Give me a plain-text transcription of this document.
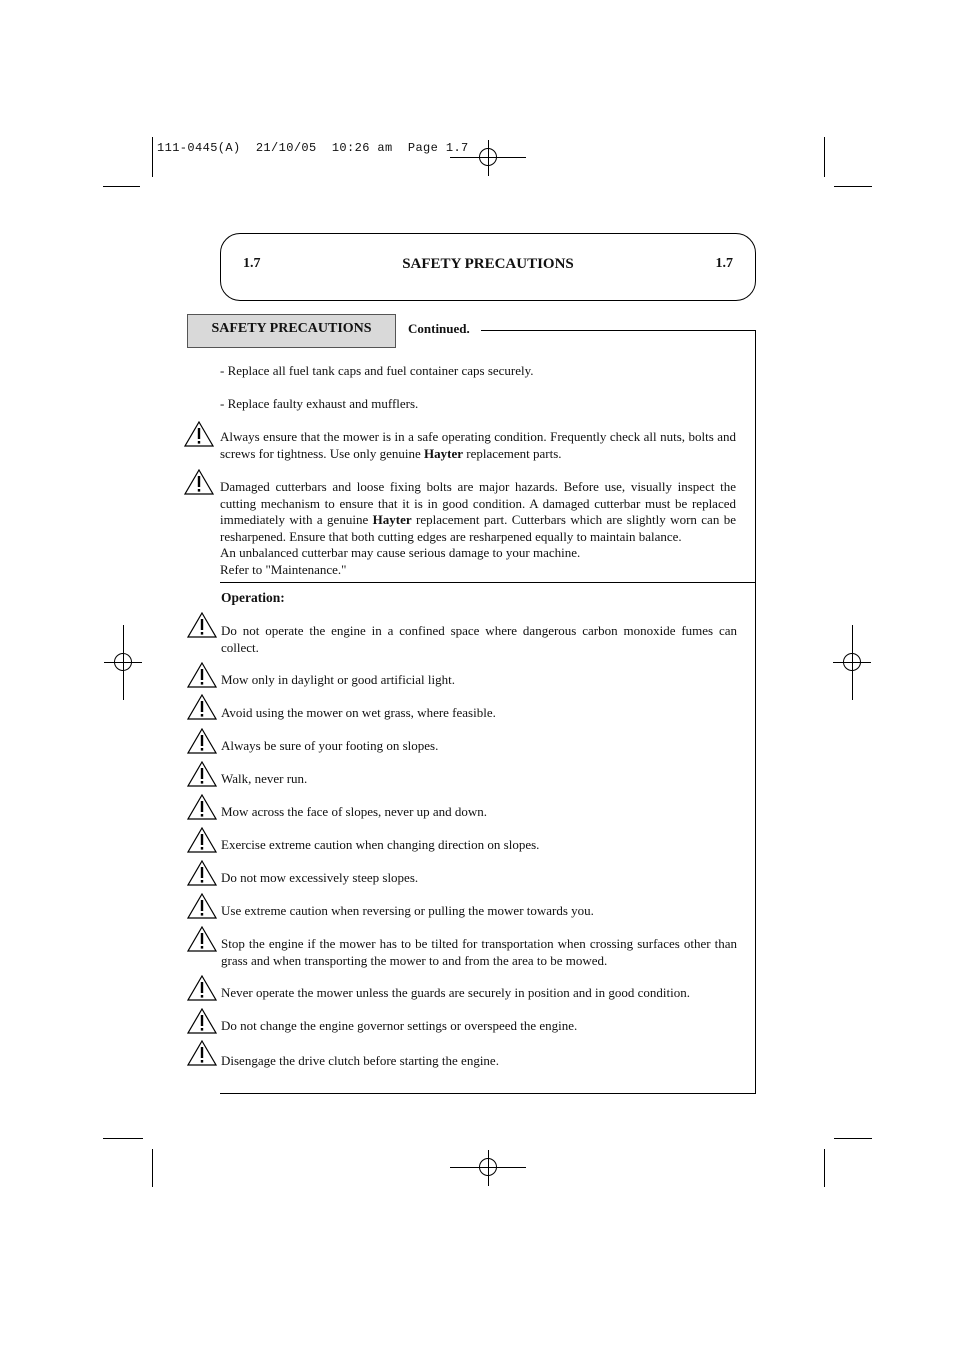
111-0445(A)  21/10/05  10:26 am  Page 1.7
1.7	SAFETY PRECAUTIONS	1.7
SAFETY PRECAUTIONS	Continued.

- Replace all fuel tank caps and fuel container caps securely.

- Replace faulty exhaust and mufflers.

Always ensure that the mower is in a safe operating condition. Frequently check all nuts, bolts and screws for tightness. Use only genuine Hayter replacement parts.

Damaged cutterbars and loose fixing bolts are major hazards. Before use, visually inspect the cutting mechanism to ensure that it is in good condition. A damaged cutterbar must be replaced immediately with a genuine Hayter replacement part. Cutterbars which are slightly worn can be resharpened. Ensure that both cutting edges are resharpened equally to maintain balance.
An unbalanced cutterbar may cause serious damage to your machine.
Refer to "Maintenance."
Operation:

Do not operate the engine in a confined space where dangerous carbon monoxide fumes can collect.

Mow only in daylight or good artificial light.

Avoid using the mower on wet grass, where feasible.

Always be sure of your footing on slopes.

Walk, never run.

Mow across the face of slopes, never up and down.

Exercise extreme caution when changing direction on slopes.

Do not mow excessively steep slopes.

Use extreme caution when reversing or pulling the mower towards you.

Stop the engine if the mower has to be tilted for transportation when crossing surfaces other than grass and when transporting the mower to and from the area to be mowed.

Never operate the mower unless the guards are securely in position and in good condition.

Do not change the engine governor settings or overspeed the engine.

Disengage the drive clutch before starting the engine.
